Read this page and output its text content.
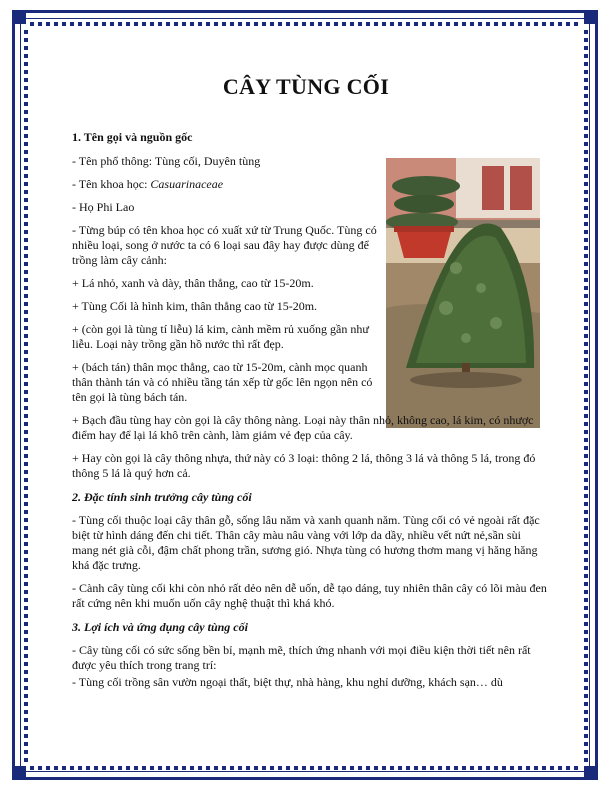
CÂY TÙNG CỐI
1. Tên gọi và nguồn gốc
- Tên phổ thông: Tùng cối, Duyên tùng
- Tên khoa học: Casuarinaceae
- Họ Phi Lao
- Từng búp có tên khoa học có xuất xứ từ Trung Quốc. Tùng có nhiều loại, song ở nước ta có 6 loại sau đây hay được dùng để trồng làm cây cảnh:
+ Lá nhỏ, xanh và dày, thân thẳng, cao từ 15-20m.
+ Tùng Cối là hình kim, thân thẳng cao từ 15-20m.
+ (còn gọi là tùng tí liễu) lá kim, cành mềm rủ xuống gần như liễu. Loại này trồng gần hồ nước thì rất đẹp.
+ (bách tán) thân mọc thẳng, cao từ 15-20m, cành mọc quanh thân thành tán và có nhiều tầng tán xếp từ gốc lên ngọn nên có tên gọi là tùng bách tán.
+ Bạch đầu tùng hay còn gọi là cây thông nàng. Loại này thân nhỏ, không cao, lá kim, có nhược điểm hay để lại lá khô trên cành, làm giảm vẻ đẹp của cây.
+ Hay còn gọi là cây thông nhựa, thứ này có 3 loại: thông 2 lá, thông 3 lá và thông 5 lá, trong đó thông 5 lá là quý hơn cả.
2. Đặc tính sinh trưởng cây tùng cối
- Tùng cối thuộc loại cây thân gỗ, sống lâu năm và xanh quanh năm. Tùng cối có vẻ ngoài rất đặc biệt từ hình dáng đến chi tiết. Thân cây màu nâu vàng với lớp da dầy, nhiều vết nứt nẻ,sần sùi mang nét già cỗi, đậm chất phong trần, sương gió. Nhựa tùng có hương thơm mang vị hăng hăng khá đặc trưng.
- Cành cây tùng cối khi còn nhỏ rất dẻo nên dễ uốn, dễ tạo dáng, tuy nhiên thân cây có lõi màu đen rất cứng nên khi muốn uốn cây nghệ thuật thì khá khó.
3. Lợi ích và ứng dụng cây tùng cối
- Cây tùng cối có sức sống bền bỉ, mạnh mẽ, thích ứng nhanh với mọi điều kiện thời tiết nên rất được yêu thích trong trang trí:
- Tùng cối trồng sân vườn ngoại thất, biệt thự, nhà hàng, khu nghỉ dưỡng, khách sạn… dù
